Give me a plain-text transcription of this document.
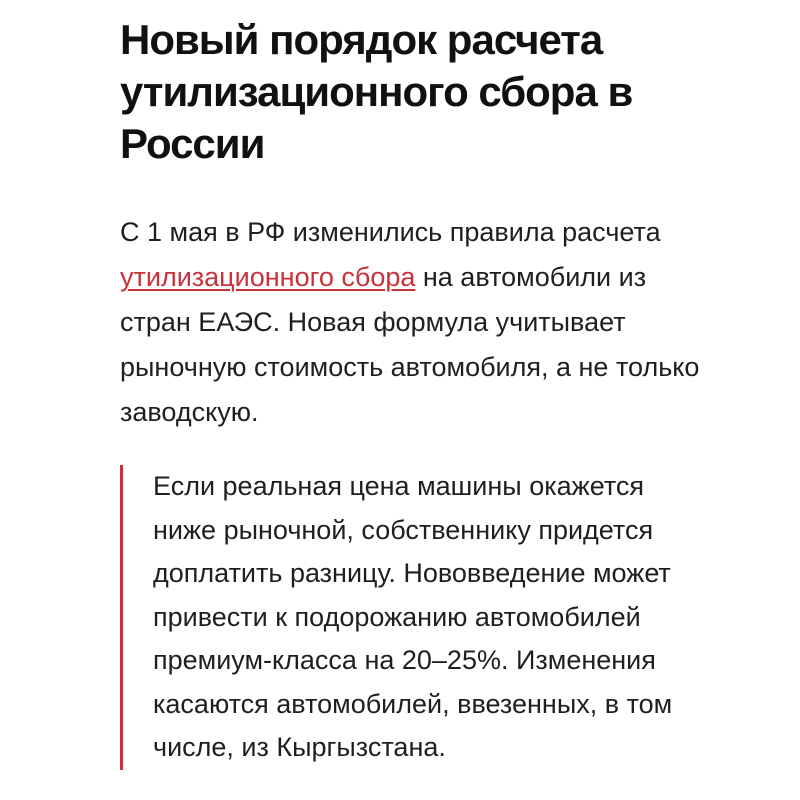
Новый порядок расчета утилизационного сбора в России

С 1 мая в РФ изменились правила расчета утилизационного сбора на автомобили из стран ЕАЭС. Новая формула учитывает рыночную стоимость автомобиля, а не только заводскую.

Если реальная цена машины окажется ниже рыночной, собственнику придется доплатить разницу. Нововведение может привести к подорожанию автомобилей премиум-класса на 20–25%. Изменения касаются автомобилей, ввезенных, в том числе, из Кыргызстана.
